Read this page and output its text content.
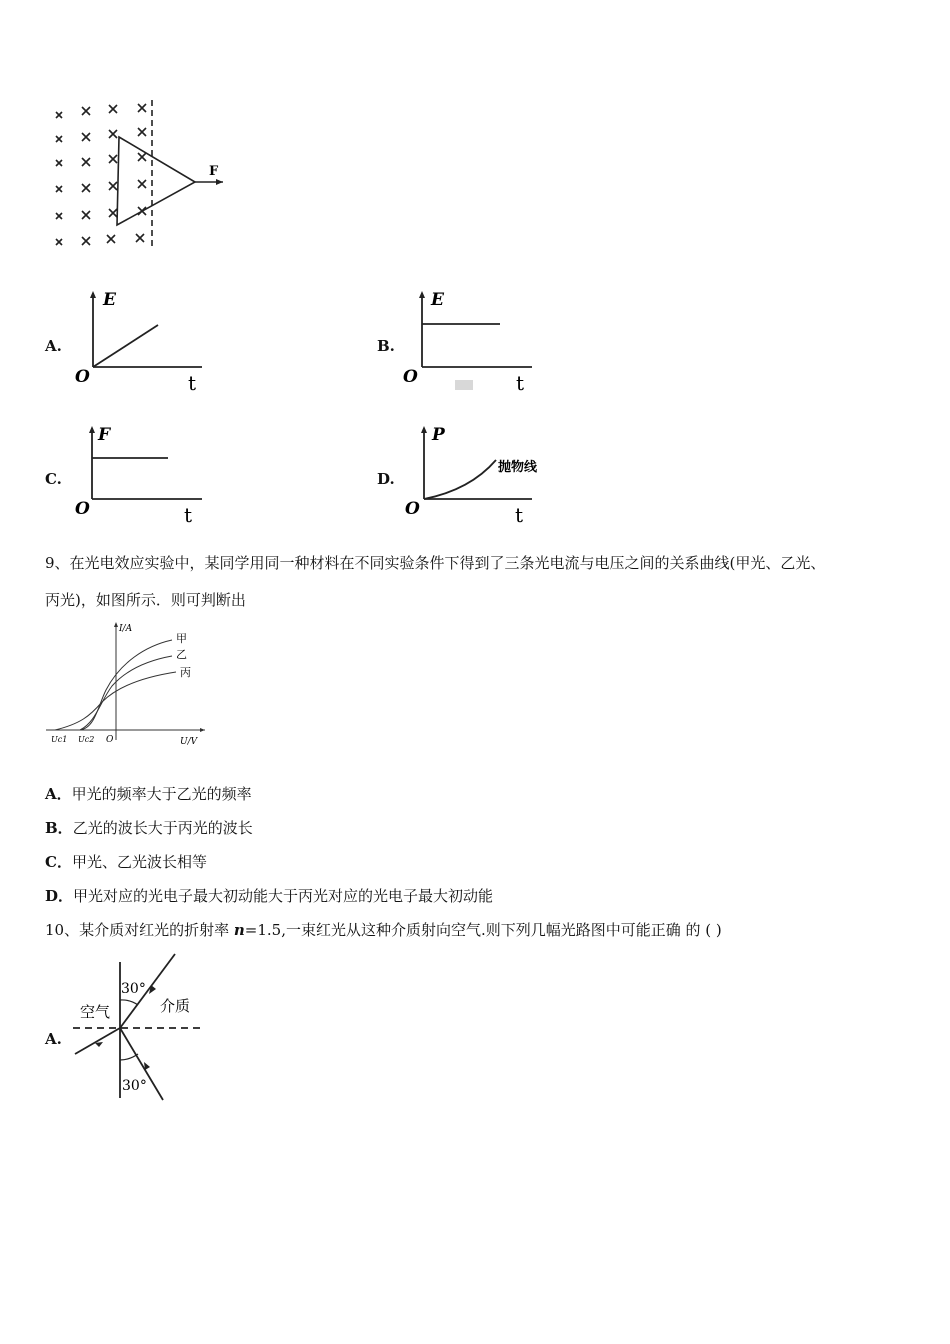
F
A.
E
O	t
B.
E
O	t
C.
F
O	t
D.
P
O	t
抛物线
9、在光电效应实验中，某同学用同一种材料在不同实验条件下得到了三条光电流与电压之间的关系曲线(甲光、乙光、
丙光)，如图所示．则可判断出
I/A
甲
乙
丙
Uc1 Uc2 O	U/V
A．甲光的频率大于乙光的频率
B．乙光的波长大于丙光的波长
C．甲光、乙光波长相等
D．甲光对应的光电子最大初动能大于丙光对应的光电子最大初动能
10、某介质对红光的折射率 n=1.5,一束红光从这种介质射向空气.则下列几幅光路图中可能正确 的 ( )
A.
30°
30°
空气	介质
